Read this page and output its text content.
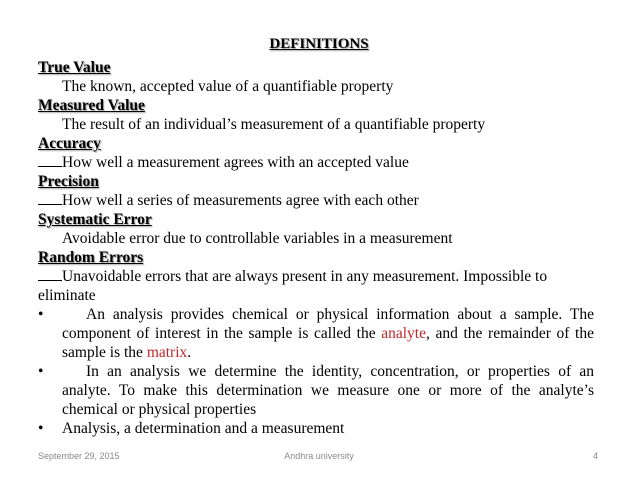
DEFINITIONS
True Value
The known, accepted value of a quantifiable property
Measured Value
The result of an individual’s measurement of a quantifiable property
Accuracy
How well a measurement agrees with an accepted value
Precision
How well a series of measurements agree with each other
Systematic Error
Avoidable error due to controllable variables in a measurement
Random Errors
Unavoidable errors that are always present in any measurement. Impossible to eliminate
•	An analysis provides chemical or physical information about a sample. The component of interest in the sample is called the analyte, and the remainder of the sample is the matrix.
•	In an analysis we determine the identity, concentration, or properties of an analyte. To make this determination we measure one or more of the analyte’s chemical or physical properties
• Analysis, a determination and a measurement
September 29, 2015	Andhra university	4
